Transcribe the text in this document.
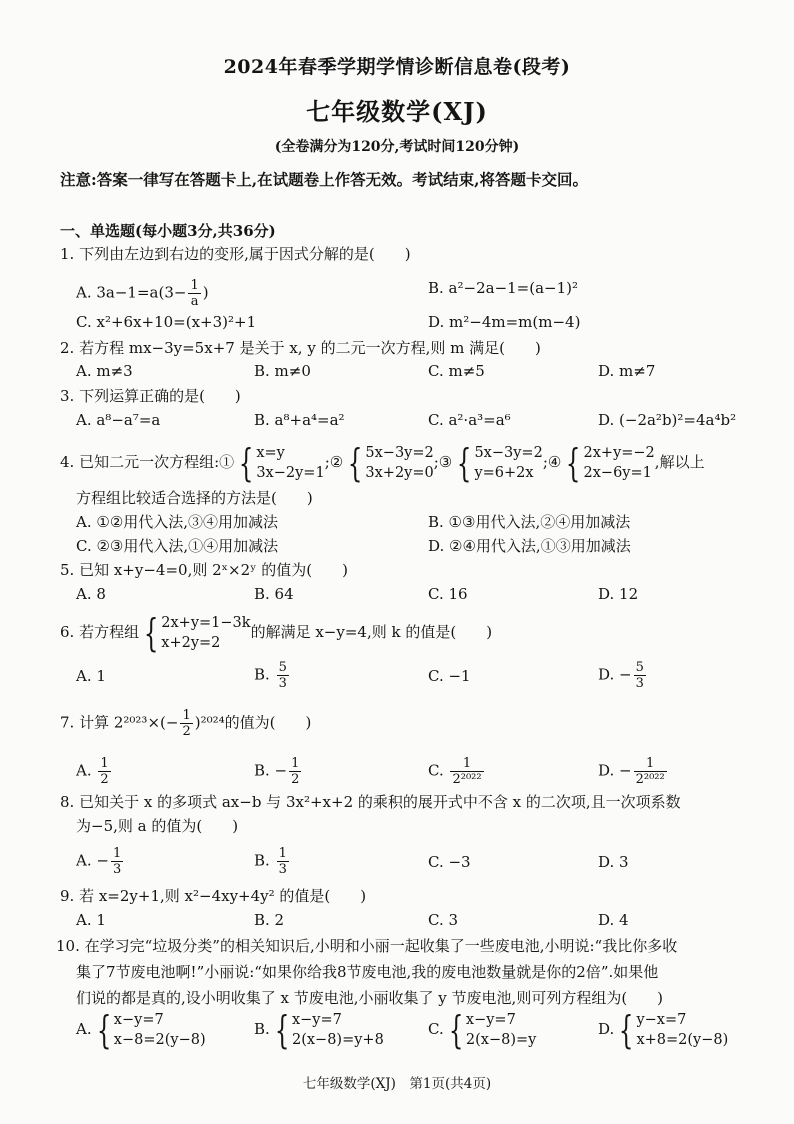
2024年春季学期学情诊断信息卷(段考)
七年级数学(XJ)
(全卷满分为120分,考试时间120分钟)
注意:答案一律写在答题卡上,在试题卷上作答无效。考试结束,将答题卡交回。
一、单选题(每小题3分,共36分)
1. 下列由左边到右边的变形,属于因式分解的是(　　)
A. $3a-1=a(3- \frac{1}{a}$ )	B. a²−2a−1=(a−1)²
C. x²+6x+10=(x+3)²+1	D. m²−4m=m(m−4)
2. 若方程 mx−3y=5x+7 是关于 x, y 的二元一次方程,则 m 满足(　　)
A. m≠3	B. m≠0	C. m≠5	D. m≠7
3. 下列运算正确的是(　　)
A. a⁸−a⁷=a	B. a⁸+a⁴=a²	C. a²·a³=a⁶	D. (−2a²b)²=4a⁴b²
4. 已知二元一次方程组:① { x=y
3x−2y=1
;② { 5x−3y=2
3x+2y=0
;③ { 5x−3y=2
y=6+2x
;④ { 2x+y=−2
2x−6y=1
,解以上
方程组比较适合选择的方法是(　　)
A. ①②用代入法,③④用加减法	B. ①③用代入法,②④用加减法
C. ②③用代入法,①④用加减法	D. ②④用代入法,①③用加减法
5. 已知 x+y−4=0,则 2ˣ×2ʸ 的值为(　　)
A. 8	B. 64	C. 16	D. 12
6. 若方程组 { 2x+y=1−3k
x+2y=2
的解满足 x−y=4,则 k 的值是(　　)
A. 1	B. $\frac{5}{3}$	C. −1	D. − $\frac{5}{3}$
7. 计算 $2^{2023}\times(- \frac{1}{2} )^{2024}$的值为(　　)
A. $\frac{1}{2}$	B. − $\frac{1}{2}$	C. $\frac{1}{\text{2²⁰²²}}$	D. − $\frac{1}{\text{2²⁰²²}}$
8. 已知关于 x 的多项式 ax−b 与 3x²+x+2 的乘积的展开式中不含 x 的二次项,且一次项系数
为−5,则 a 的值为(　　)
A. − $\frac{1}{3}$	B. $\frac{1}{3}$	C. −3	D. 3
9. 若 x=2y+1,则 x²−4xy+4y² 的值是(　　)
A. 1	B. 2	C. 3	D. 4
10. 在学习完“垃圾分类”的相关知识后,小明和小丽一起收集了一些废电池,小明说:“我比你多收
集了7节废电池啊!”小丽说:“如果你给我8节废电池,我的废电池数量就是你的2倍”.如果他
们说的都是真的,设小明收集了 x 节废电池,小丽收集了 y 节废电池,则可列方程组为(　　)
A. { x−y=7
x−8=2(y−8)
B. { x−y=7
2(x−8)=y+8
C. { x−y=7
2(x−8)=y
D. { y−x=7
x+8=2(y−8)
七年级数学(XJ)　第1页(共4页)
